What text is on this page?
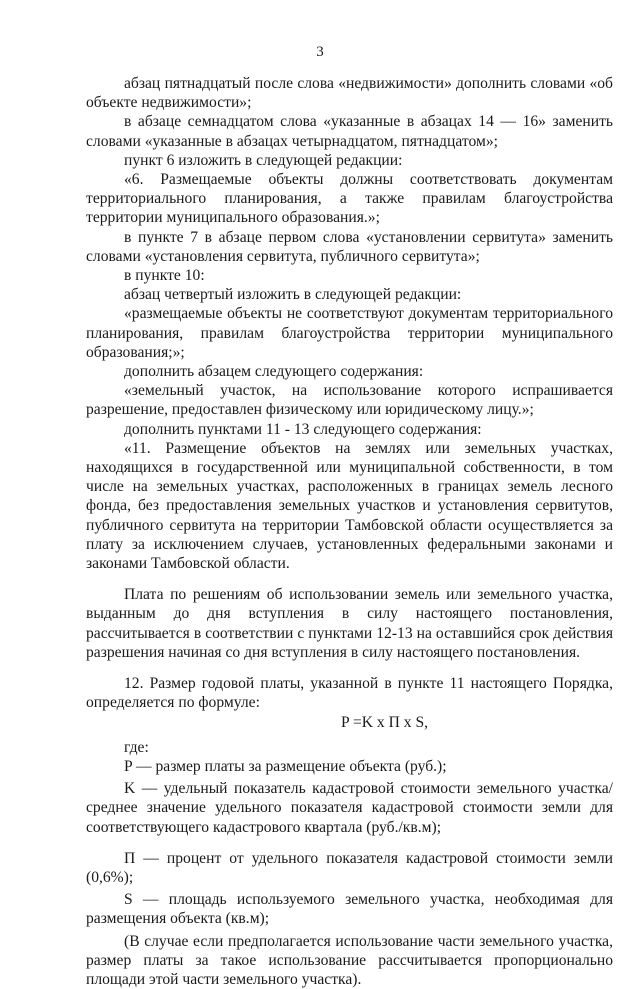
3

абзац пятнадцатый после слова «недвижимости» дополнить словами «об объекте недвижимости»;

в абзаце семнадцатом слова «указанные в абзацах 14 — 16» заменить словами «указанные в абзацах четырнадцатом, пятнадцатом»;

пункт 6 изложить в следующей редакции:

«6. Размещаемые объекты должны соответствовать документам территориального планирования, а также правилам благоустройства территории муниципального образования.»;

в пункте 7 в абзаце первом слова «установлении сервитута» заменить словами «установления сервитута, публичного сервитута»;

в пункте 10:

абзац четвертый изложить в следующей редакции:

«размещаемые объекты не соответствуют документам территориального планирования, правилам благоустройства территории муниципального образования;»;

дополнить абзацем следующего содержания:

«земельный участок, на использование которого испрашивается разрешение, предоставлен физическому или юридическому лицу.»;

дополнить пунктами 11 - 13 следующего содержания:

«11. Размещение объектов на землях или земельных участках, находящихся в государственной или муниципальной собственности, в том числе на земельных участках, расположенных в границах земель лесного фонда, без предоставления земельных участков и установления сервитутов, публичного сервитута на территории Тамбовской области осуществляется за плату за исключением случаев, установленных федеральными законами и законами Тамбовской области.

Плата по решениям об использовании земель или земельного участка, выданным до дня вступления в силу настоящего постановления, рассчитывается в соответствии с пунктами 12-13 на оставшийся срок действия разрешения начиная со дня вступления в силу настоящего постановления.

12. Размер годовой платы, указанной в пункте 11 настоящего Порядка, определяется по формуле:

P =K x П x S,

где:

P — размер платы за размещение объекта (руб.);

K — удельный показатель кадастровой стоимости земельного участка/среднее значение удельного показателя кадастровой стоимости земли для соответствующего кадастрового квартала (руб./кв.м);

П — процент от удельного показателя кадастровой стоимости земли (0,6%);

S — площадь используемого земельного участка, необходимая для размещения объекта (кв.м);

(В случае если предполагается использование части земельного участка, размер платы за такое использование рассчитывается пропорционально площади этой части земельного участка).
